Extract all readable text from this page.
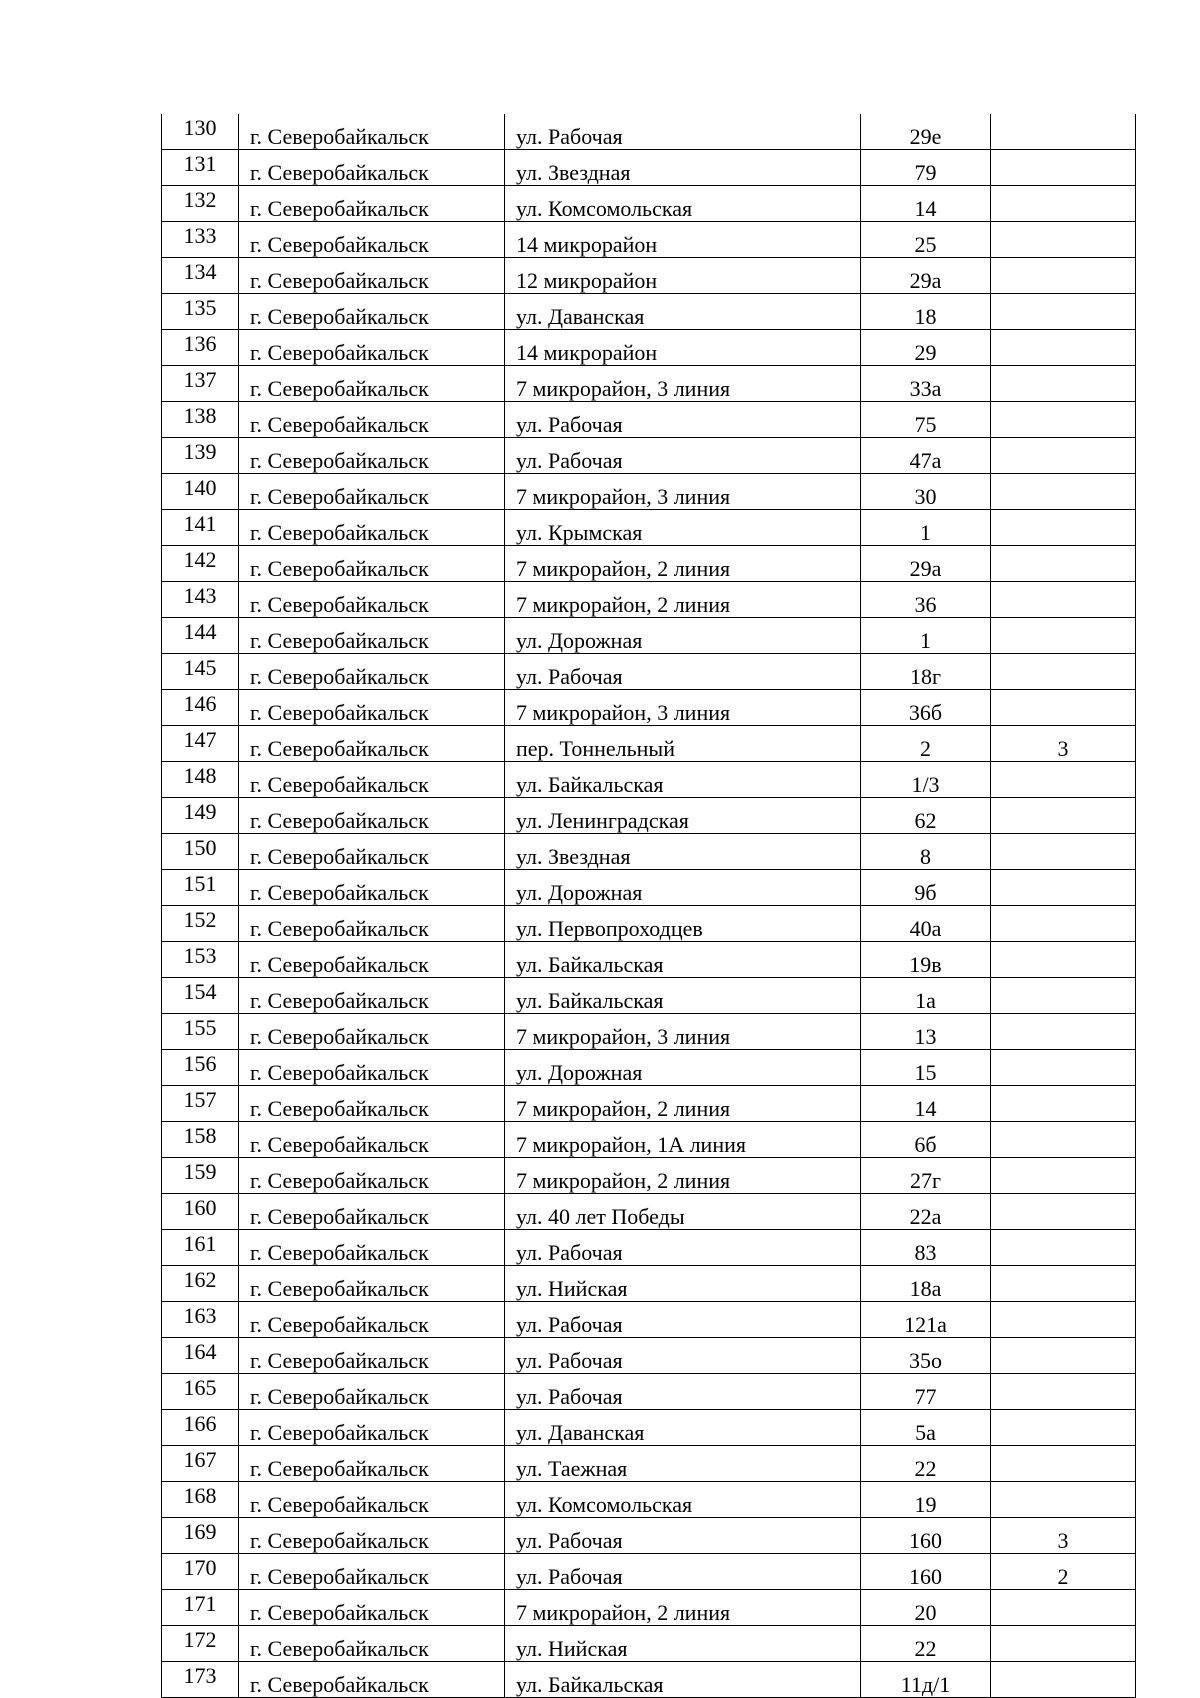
130	г. Северобайкальск	ул. Рабочая	29е	
131	г. Северобайкальск	ул. Звездная	79	
132	г. Северобайкальск	ул. Комсомольская	14	
133	г. Северобайкальск	14 микрорайон	25	
134	г. Северобайкальск	12 микрорайон	29а	
135	г. Северобайкальск	ул. Даванская	18	
136	г. Северобайкальск	14 микрорайон	29	
137	г. Северобайкальск	7 микрорайон, 3 линия	33а	
138	г. Северобайкальск	ул. Рабочая	75	
139	г. Северобайкальск	ул. Рабочая	47а	
140	г. Северобайкальск	7 микрорайон, 3 линия	30	
141	г. Северобайкальск	ул. Крымская	1	
142	г. Северобайкальск	7 микрорайон, 2 линия	29а	
143	г. Северобайкальск	7 микрорайон, 2 линия	36	
144	г. Северобайкальск	ул. Дорожная	1	
145	г. Северобайкальск	ул. Рабочая	18г	
146	г. Северобайкальск	7 микрорайон, 3 линия	36б	
147	г. Северобайкальск	пер. Тоннельный	2	3
148	г. Северобайкальск	ул. Байкальская	1/3	
149	г. Северобайкальск	ул. Ленинградская	62	
150	г. Северобайкальск	ул. Звездная	8	
151	г. Северобайкальск	ул. Дорожная	9б	
152	г. Северобайкальск	ул. Первопроходцев	40а	
153	г. Северобайкальск	ул. Байкальская	19в	
154	г. Северобайкальск	ул. Байкальская	1а	
155	г. Северобайкальск	7 микрорайон, 3 линия	13	
156	г. Северобайкальск	ул. Дорожная	15	
157	г. Северобайкальск	7 микрорайон, 2 линия	14	
158	г. Северобайкальск	7 микрорайон, 1А линия	6б	
159	г. Северобайкальск	7 микрорайон, 2 линия	27г	
160	г. Северобайкальск	ул. 40 лет Победы	22а	
161	г. Северобайкальск	ул. Рабочая	83	
162	г. Северобайкальск	ул. Нийская	18а	
163	г. Северобайкальск	ул. Рабочая	121а	
164	г. Северобайкальск	ул. Рабочая	35о	
165	г. Северобайкальск	ул. Рабочая	77	
166	г. Северобайкальск	ул. Даванская	5а	
167	г. Северобайкальск	ул. Таежная	22	
168	г. Северобайкальск	ул. Комсомольская	19	
169	г. Северобайкальск	ул. Рабочая	160	3
170	г. Северобайкальск	ул. Рабочая	160	2
171	г. Северобайкальск	7 микрорайон, 2 линия	20	
172	г. Северобайкальск	ул. Нийская	22	
173	г. Северобайкальск	ул. Байкальская	11д/1	
